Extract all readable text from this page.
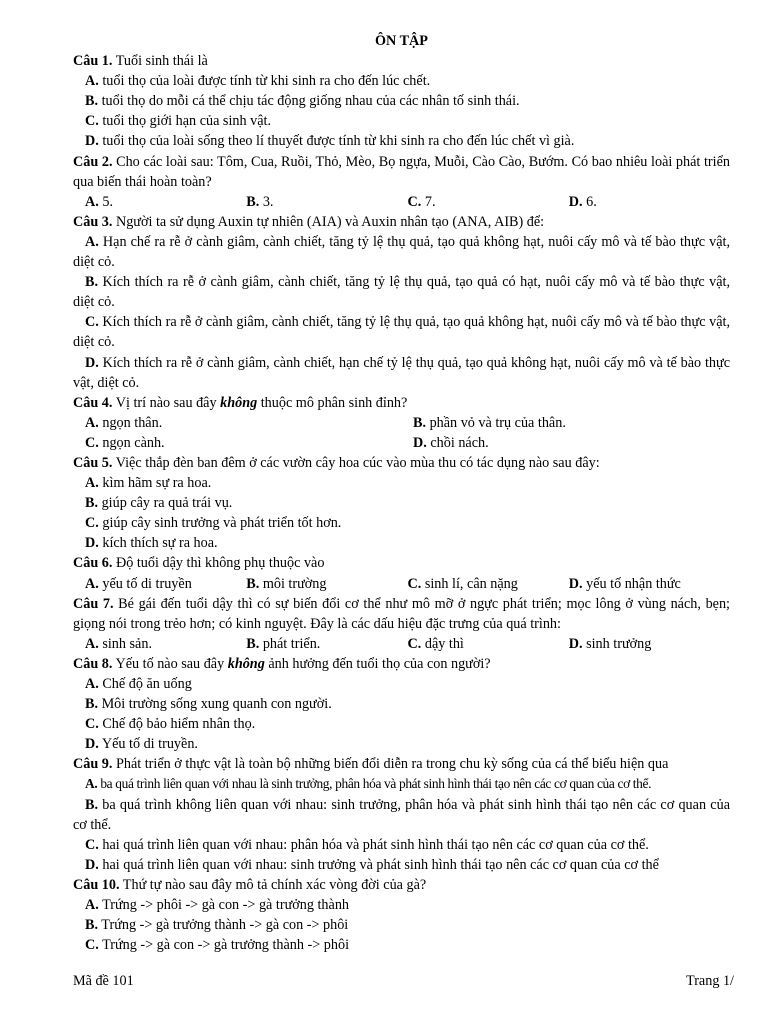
ÔN TẬP

Câu 1. Tuổi sinh thái là

A. tuổi thọ của loài được tính từ khi sinh ra cho đến lúc chết.

B. tuổi thọ do mỗi cá thể chịu tác động giống nhau của các nhân tố sinh thái.

C. tuổi thọ giới hạn của sinh vật.

D. tuổi thọ của loài sống theo lí thuyết được tính từ khi sinh ra cho đến lúc chết vì già.

Câu 2. Cho các loài sau: Tôm, Cua, Ruồi, Thỏ, Mèo, Bọ ngựa, Muỗi, Cào Cào, Bướm. Có bao nhiêu loài phát triển qua biến thái hoàn toàn?

A. 5.	B. 3.	C. 7.	D. 6.

Câu 3. Người ta sử dụng Auxin tự nhiên (AIA) và Auxin nhân tạo (ANA, AIB) để:

A. Hạn chế ra rễ ở cành giâm, cành chiết, tăng tỷ lệ thụ quả, tạo quả không hạt, nuôi cấy mô và tế bào thực vật, diệt cỏ.

B. Kích thích ra rễ ở cành giâm, cành chiết, tăng tỷ lệ thụ quả, tạo quả có hạt, nuôi cấy mô và tế bào thực vật, diệt cỏ.

C. Kích thích ra rễ ở cành giâm, cành chiết, tăng tỷ lệ thụ quả, tạo quả không hạt, nuôi cấy mô và tế bào thực vật, diệt cỏ.

D. Kích thích ra rễ ở cành giâm, cành chiết, hạn chế tỷ lệ thụ quả, tạo quả không hạt, nuôi cấy mô và tế bào thực vật, diệt cỏ.

Câu 4. Vị trí nào sau đây không thuộc mô phân sinh đỉnh?

A. ngọn thân.	B. phần vỏ và trụ của thân.
C. ngọn cành.	D. chồi nách.

Câu 5. Việc thắp đèn ban đêm ở các vườn cây hoa cúc vào mùa thu có tác dụng nào sau đây:

A. kìm hãm sự ra hoa.

B. giúp cây ra quả trái vụ.

C. giúp cây sinh trưởng và phát triển tốt hơn.

D. kích thích sự ra hoa.

Câu 6. Độ tuổi dậy thì không phụ thuộc vào

A. yếu tố di truyền	B. môi trường	C. sinh lí, cân nặng	D. yếu tố nhận thức

Câu 7. Bé gái đến tuổi dậy thì có sự biến đổi cơ thể như mô mỡ ở ngực phát triển; mọc lông ở vùng nách, bẹn; giọng nói trong trẻo hơn; có kinh nguyệt. Đây là các dấu hiệu đặc trưng của quá trình:

A. sinh sản.	B. phát triển.	C. dậy thì	D. sinh trưởng

Câu 8. Yếu tố nào sau đây không ảnh hưởng đến tuổi thọ của con người?

A. Chế độ ăn uống

B. Môi trường sống xung quanh con người.

C. Chế độ bảo hiểm nhân thọ.

D. Yếu tố di truyền.

Câu 9. Phát triển ở thực vật là toàn bộ những biến đổi diễn ra trong chu kỳ sống của cá thể biểu hiện qua

A. ba quá trình liên quan với nhau là sinh trưởng, phân hóa và phát sinh hình thái tạo nên các cơ quan của cơ thể.

B. ba quá trình không liên quan với nhau: sinh trưởng, phân hóa và phát sinh hình thái tạo nên các cơ quan của cơ thể.

C. hai quá trình liên quan với nhau: phân hóa và phát sinh hình thái tạo nên các cơ quan của cơ thể.

D. hai quá trình liên quan với nhau: sinh trưởng và phát sinh hình thái tạo nên các cơ quan của cơ thể

Câu 10. Thứ tự nào sau đây mô tả chính xác vòng đời của gà?

A. Trứng -> phôi -> gà con -> gà trưởng thành

B. Trứng -> gà trưởng thành -> gà con -> phôi

C. Trứng -> gà con -> gà trưởng thành -> phôi

Mã đề 101	Trang 1/
